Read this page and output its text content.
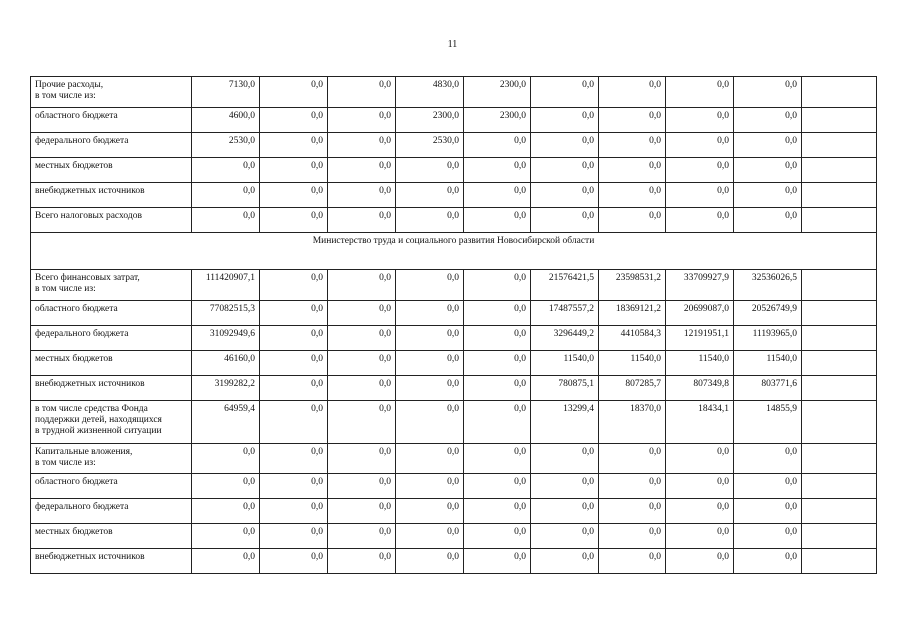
11
Прочие расходы,
в том числе из:	7130,0	0,0	0,0	4830,0	2300,0	0,0	0,0	0,0	0,0	
областного бюджета	4600,0	0,0	0,0	2300,0	2300,0	0,0	0,0	0,0	0,0	
федерального бюджета	2530,0	0,0	0,0	2530,0	0,0	0,0	0,0	0,0	0,0	
местных бюджетов	0,0	0,0	0,0	0,0	0,0	0,0	0,0	0,0	0,0	
внебюджетных источников	0,0	0,0	0,0	0,0	0,0	0,0	0,0	0,0	0,0	
Всего налоговых расходов	0,0	0,0	0,0	0,0	0,0	0,0	0,0	0,0	0,0	
Министерство труда и социального развития Новосибирской области										
Всего финансовых затрат,
в том числе из:	111420907,1	0,0	0,0	0,0	0,0	21576421,5	23598531,2	33709927,9	32536026,5	
областного бюджета	77082515,3	0,0	0,0	0,0	0,0	17487557,2	18369121,2	20699087,0	20526749,9	
федерального бюджета	31092949,6	0,0	0,0	0,0	0,0	3296449,2	4410584,3	12191951,1	11193965,0	
местных бюджетов	46160,0	0,0	0,0	0,0	0,0	11540,0	11540,0	11540,0	11540,0	
внебюджетных источников	3199282,2	0,0	0,0	0,0	0,0	780875,1	807285,7	807349,8	803771,6	
в том числе средства Фонда
поддержки детей, находящихся
в трудной жизненной ситуации	64959,4	0,0	0,0	0,0	0,0	13299,4	18370,0	18434,1	14855,9	
Капитальные вложения,
в том числе из:	0,0	0,0	0,0	0,0	0,0	0,0	0,0	0,0	0,0	
областного бюджета	0,0	0,0	0,0	0,0	0,0	0,0	0,0	0,0	0,0	
федерального бюджета	0,0	0,0	0,0	0,0	0,0	0,0	0,0	0,0	0,0	
местных бюджетов	0,0	0,0	0,0	0,0	0,0	0,0	0,0	0,0	0,0	
внебюджетных источников	0,0	0,0	0,0	0,0	0,0	0,0	0,0	0,0	0,0	
